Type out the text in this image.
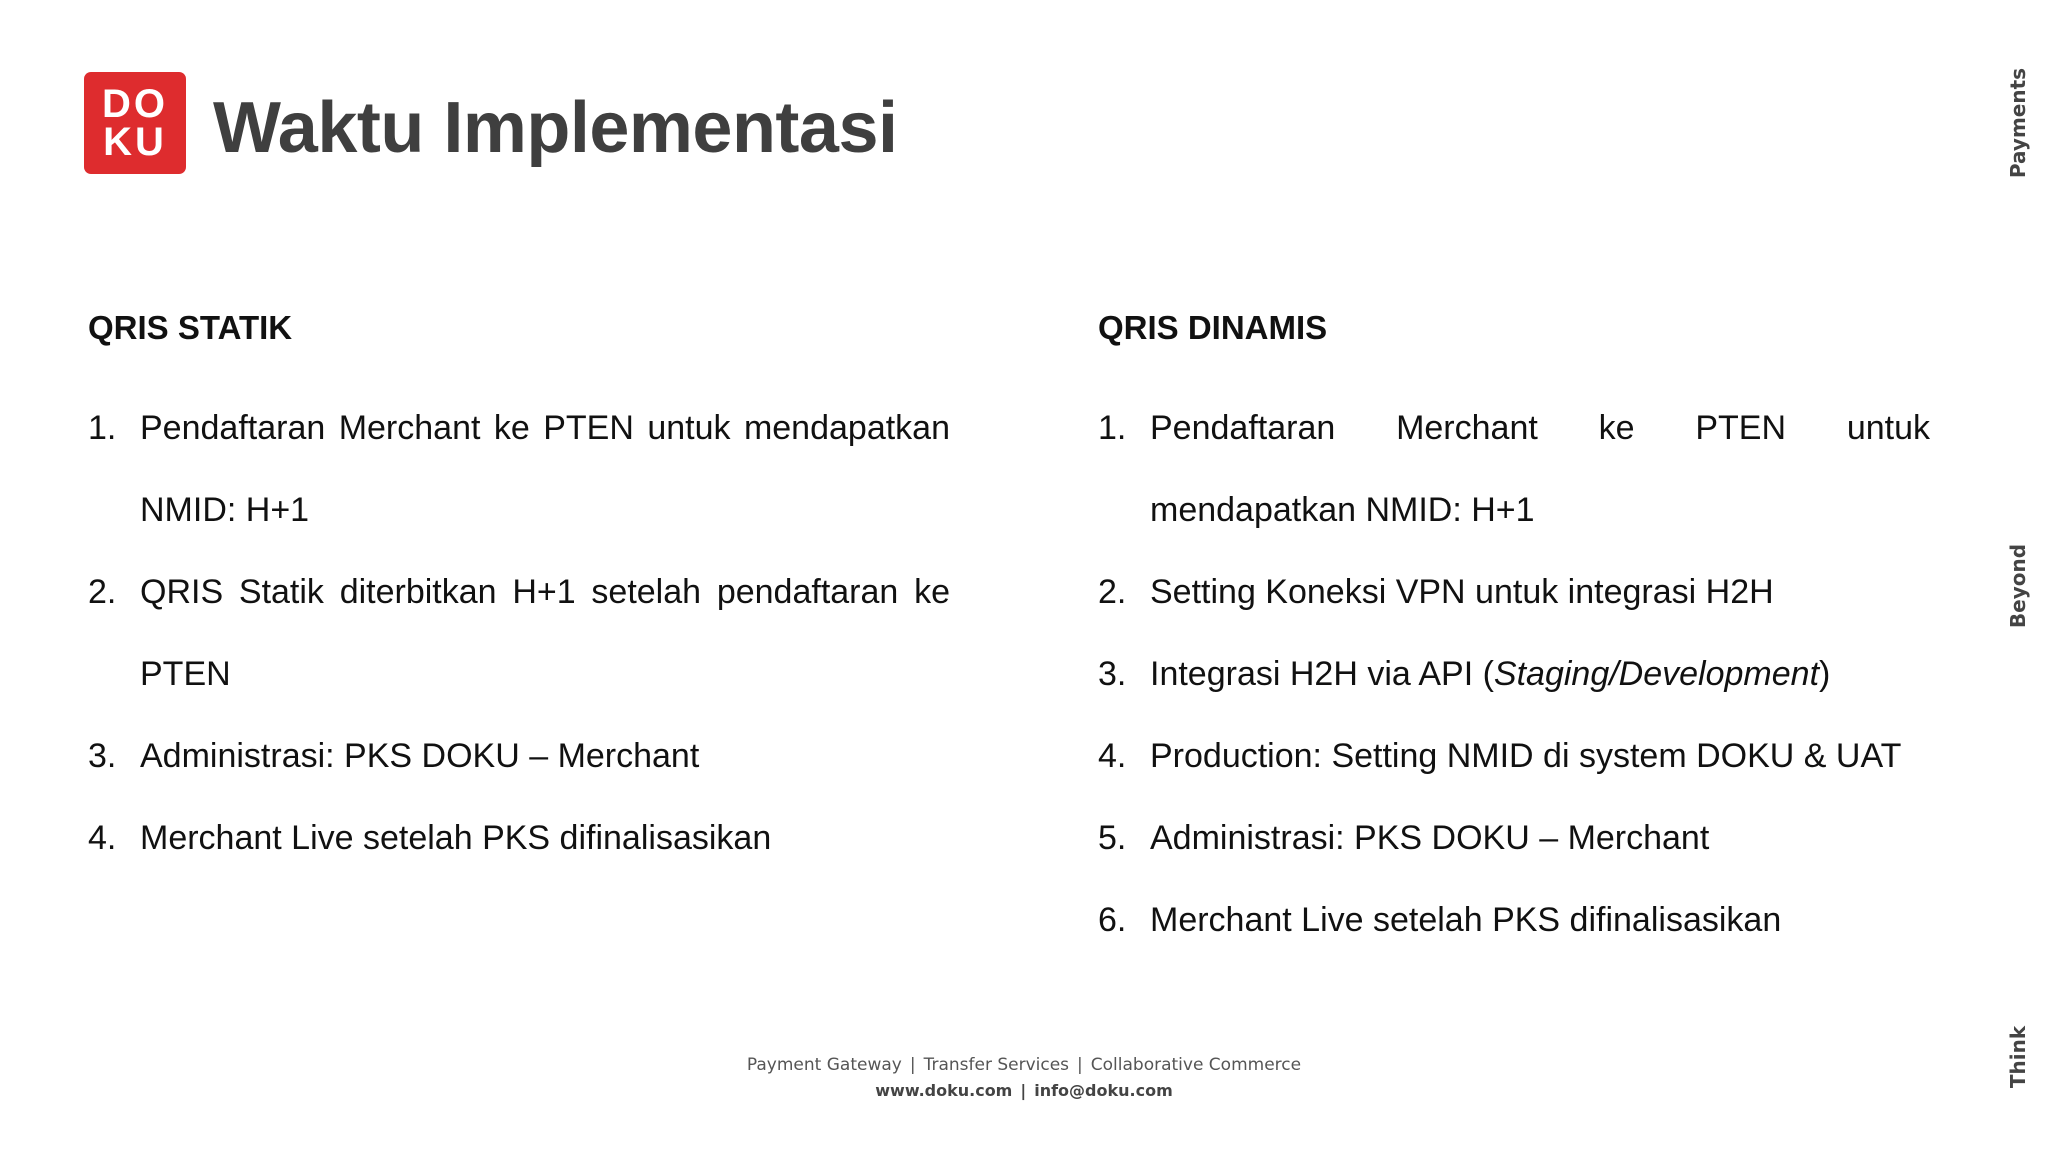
DO
KU Waktu Implementasi	Payments
Beyond
Think
QRIS STATIK
1. Pendaftaran Merchant ke PTEN untuk mendapatkan NMID: H+1
2. QRIS Statik diterbitkan H+1 setelah pendaftaran ke PTEN
3. Administrasi: PKS DOKU – Merchant
4. Merchant Live setelah PKS difinalisasikan
QRIS DINAMIS
1. Pendaftaran Merchant ke PTEN untuk mendapatkan NMID: H+1
2. Setting Koneksi VPN untuk integrasi H2H
3. Integrasi H2H via API (Staging/Development)
4. Production: Setting NMID di system DOKU & UAT
5. Administrasi: PKS DOKU – Merchant
6. Merchant Live setelah PKS difinalisasikan
Payment Gateway | Transfer Services | Collaborative Commerce
www.doku.com | info@doku.com
